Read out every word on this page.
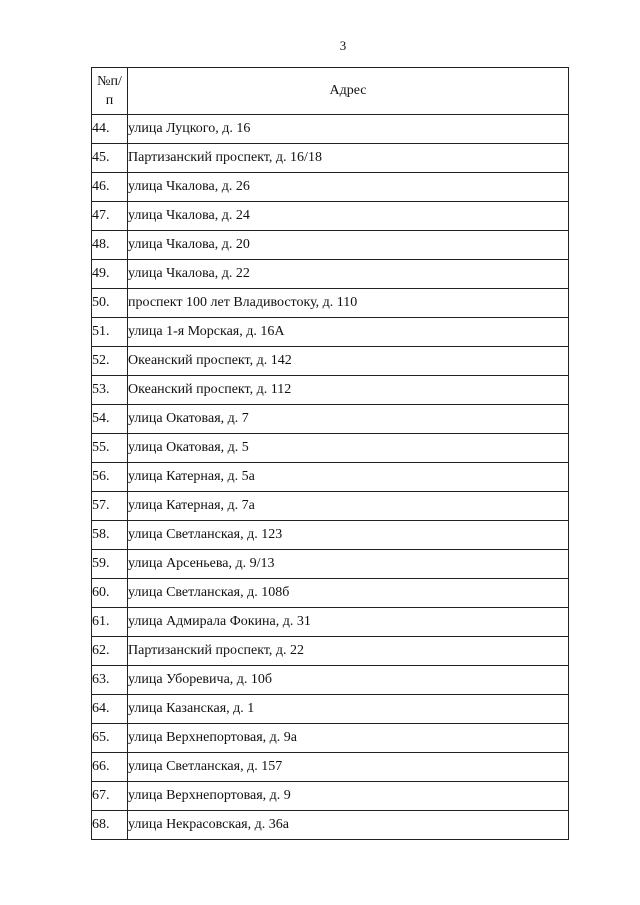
3
№п/
п	Адрес
44.	улица Луцкого, д. 16
45.	Партизанский проспект, д. 16/18
46.	улица Чкалова, д. 26
47.	улица Чкалова, д. 24
48.	улица Чкалова, д. 20
49.	улица Чкалова, д. 22
50.	проспект 100 лет Владивостоку, д. 110
51.	улица 1-я Морская, д. 16А
52.	Океанский проспект, д. 142
53.	Океанский проспект, д. 112
54.	улица Окатовая, д. 7
55.	улица Окатовая, д. 5
56.	улица Катерная, д. 5а
57.	улица Катерная, д. 7а
58.	улица Светланская, д. 123
59.	улица Арсеньева, д. 9/13
60.	улица Светланская, д. 108б
61.	улица Адмирала Фокина, д. 31
62.	Партизанский проспект, д. 22
63.	улица Уборевича, д. 10б
64.	улица Казанская, д. 1
65.	улица Верхнепортовая, д. 9а
66.	улица Светланская, д. 157
67.	улица Верхнепортовая, д. 9
68.	улица Некрасовская, д. 36а
